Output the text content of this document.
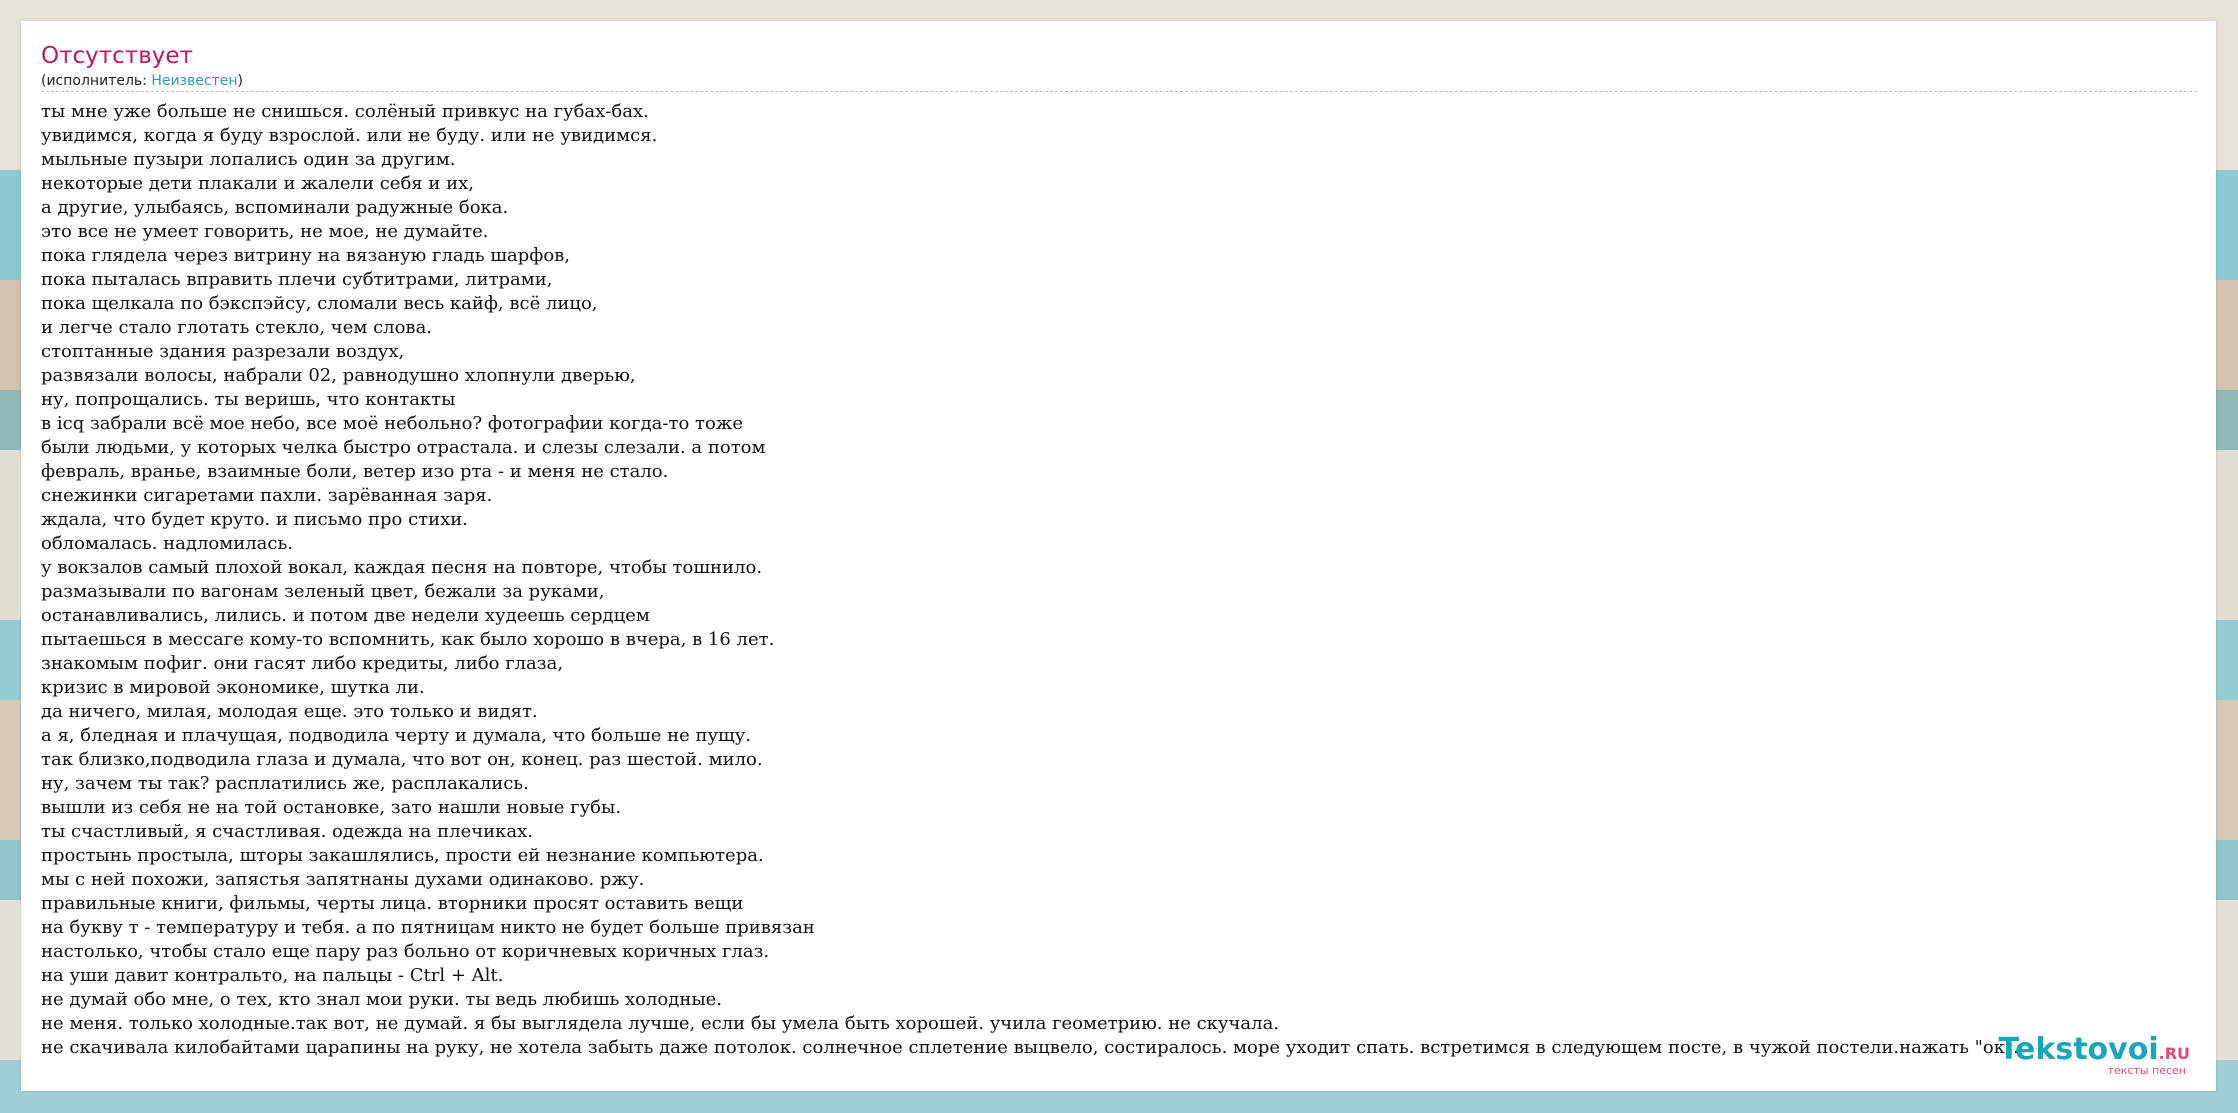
Отсутствует
(исполнитель: Неизвестен)
ты мне уже больше не снишься. солёный привкус на губах-бах.
увидимся, когда я буду взрослой. или не буду. или не увидимся.
мыльные пузыри лопались один за другим.
некоторые дети плакали и жалели себя и их,
а другие, улыбаясь, вспоминали радужные бока.
это все не умеет говорить, не мое, не думайте.
пока глядела через витрину на вязаную гладь шарфов,
пока пыталась вправить плечи субтитрами, литрами,
пока щелкала по бэкспэйсу, сломали весь кайф, всё лицо,
и легче стало глотать стекло, чем слова.
стоптанные здания разрезали воздух,
развязали волосы, набрали 02, равнодушно хлопнули дверью,
ну, попрощались. ты веришь, что контакты
в icq забрали всё мое небо, все моё небольно? фотографии когда-то тоже
были людьми, у которых челка быстро отрастала. и слезы слезали. а потом
февраль, вранье, взаимные боли, ветер изо рта - и меня не стало.
снежинки сигаретами пахли. зарёванная заря.
ждала, что будет круто. и письмо про стихи.
обломалась. надломилась.
у вокзалов самый плохой вокал, каждая песня на повторе, чтобы тошнило.
размазывали по вагонам зеленый цвет, бежали за руками,
останавливались, лились. и потом две недели худеешь сердцем
пытаешься в мессаге кому-то вспомнить, как было хорошо в вчера, в 16 лет.
знакомым пофиг. они гасят либо кредиты, либо глаза,
кризис в мировой экономике, шутка ли.
да ничего, милая, молодая еще. это только и видят.
а я, бледная и плачущая, подводила черту и думала, что больше не пущу.
так близко,подводила глаза и думала, что вот он, конец. раз шестой. мило.
ну, зачем ты так? расплатились же, расплакались.
вышли из себя не на той остановке, зато нашли новые губы.
ты счастливый, я счастливая. одежда на плечиках.
простынь простыла, шторы закашлялись, прости ей незнание компьютера.
мы с ней похожи, запястья запятнаны духами одинаково. ржу.
правильные книги, фильмы, черты лица. вторники просят оставить вещи
на букву т - температуру и тебя. а по пятницам никто не будет больше привязан
настолько, чтобы стало еще пару раз больно от коричневых коричных глаз.
на уши давит контральто, на пальцы - Ctrl + Alt.
не думай обо мне, о тех, кто знал мои руки. ты ведь любишь холодные.
не меня. только холодные.так вот, не думай. я бы выглядела лучше, если бы умела быть хорошей. учила геометрию. не скучала.
не скачивала килобайтами царапины на руку, не хотела забыть даже потолок. солнечное сплетение выцвело, состиралось. море уходит спать. встретимся в следующем посте, в чужой постели.нажать "ок".
Tekstovoi.RU
тексты песен
